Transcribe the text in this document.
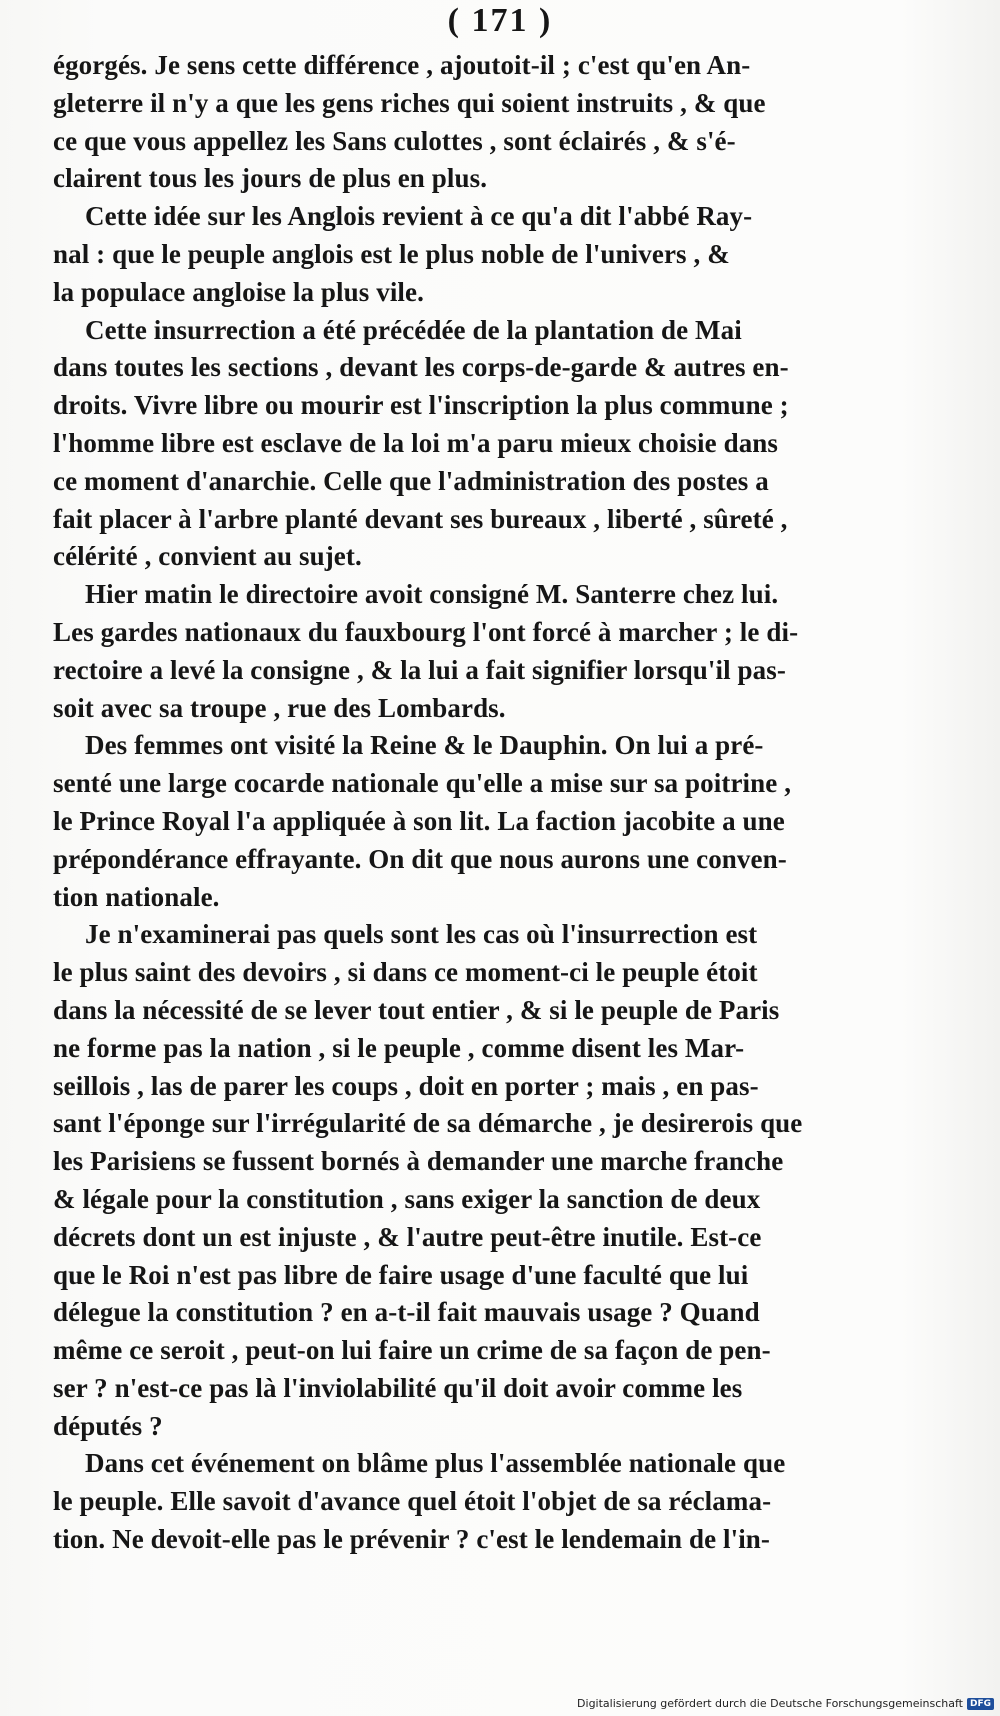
( 171 )
égorgés. Je sens cette différence , ajoutoit-il ; c'est qu'en An-
gleterre il n'y a que les gens riches qui soient instruits , & que
ce que vous appellez les Sans culottes , sont éclairés , & s'é-
clairent tous les jours de plus en plus.
Cette idée sur les Anglois revient à ce qu'a dit l'abbé Ray-
nal : que le peuple anglois est le plus noble de l'univers , &
la populace angloise la plus vile.
Cette insurrection a été précédée de la plantation de Mai
dans toutes les sections , devant les corps-de-garde & autres en-
droits. Vivre libre ou mourir est l'inscription la plus commune ;
l'homme libre est esclave de la loi m'a paru mieux choisie dans
ce moment d'anarchie. Celle que l'administration des postes a
fait placer à l'arbre planté devant ses bureaux , liberté , sûreté ,
célérité , convient au sujet.
Hier matin le directoire avoit consigné M. Santerre chez lui.
Les gardes nationaux du fauxbourg l'ont forcé à marcher ; le di-
rectoire a levé la consigne , & la lui a fait signifier lorsqu'il pas-
soit avec sa troupe , rue des Lombards.
Des femmes ont visité la Reine & le Dauphin. On lui a pré-
senté une large cocarde nationale qu'elle a mise sur sa poitrine ,
le Prince Royal l'a appliquée à son lit. La faction jacobite a une
prépondérance effrayante. On dit que nous aurons une conven-
tion nationale.
Je n'examinerai pas quels sont les cas où l'insurrection est
le plus saint des devoirs , si dans ce moment-ci le peuple étoit
dans la nécessité de se lever tout entier , & si le peuple de Paris
ne forme pas la nation , si le peuple , comme disent les Mar-
seillois , las de parer les coups , doit en porter ; mais , en pas-
sant l'éponge sur l'irrégularité de sa démarche , je desirerois que
les Parisiens se fussent bornés à demander une marche franche
& légale pour la constitution , sans exiger la sanction de deux
décrets dont un est injuste , & l'autre peut-être inutile. Est-ce
que le Roi n'est pas libre de faire usage d'une faculté que lui
délegue la constitution ? en a-t-il fait mauvais usage ? Quand
même ce seroit , peut-on lui faire un crime de sa façon de pen-
ser ? n'est-ce pas là l'inviolabilité qu'il doit avoir comme les
députés ?
Dans cet événement on blâme plus l'assemblée nationale que
le peuple. Elle savoit d'avance quel étoit l'objet de sa réclama-
tion. Ne devoit-elle pas le prévenir ? c'est le lendemain de l'in-
Digitalisierung gefördert durch die Deutsche Forschungsgemeinschaft DFG
